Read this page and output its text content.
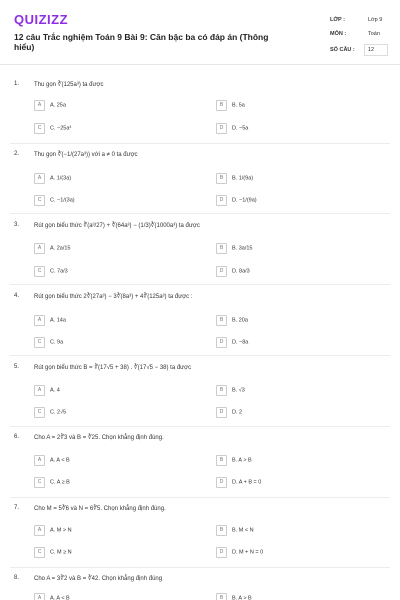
QUIZIZZ
12 câu Trắc nghiệm Toán 9 Bài 9: Căn bậc ba có đáp án (Thông hiểu)
LỚP :	Lớp 9
MÔN :	Toán
SỐ CÂU : 12
1. Thu gọn ∛(125a³) ta được
A A. 25a	B B. 5a
C C. −25a³	D D. −5a
2. Thu gọn ∛(−1/(27a³)) với a ≠ 0 ta được
A A. 1/(3a)	B B. 1/(9a)
C C. −1/(3a)	D D. −1/(9a)
3. Rút gọn biểu thức ∛(a³/27) + ∛(64a³) − (1/3)∛(1000a³) ta được
A A. 2a/15	B B. 3a/15
C C. 7a/3	D D. 8a/3
4. Rút gọn biểu thức 2∛(27a³) − 3∛(8a³) + 4∛(125a³) ta được :
A A. 14a	B B. 20a
C C. 9a	D D. −8a
5. Rút gọn biểu thức B = ∛(17√5 + 38) . ∛(17√5 − 38) ta được
A A. 4	B B. √3
C C. 2√5	D D. 2
6. Cho A = 2∛3 và B = ∛25. Chọn khẳng định đúng.
A A. A < B	B B. A > B
C C. A ≥ B	D D. A + B = 0
7. Cho M = 5∛6 và N = 6∛5. Chọn khẳng định đúng.
A A. M > N	B B. M < N
C C. M ≥ N	D D. M + N = 0
8. Cho A = 3∛2 và B = ∛42. Chọn khẳng định đúng
A A. A < B	B B. A > B
